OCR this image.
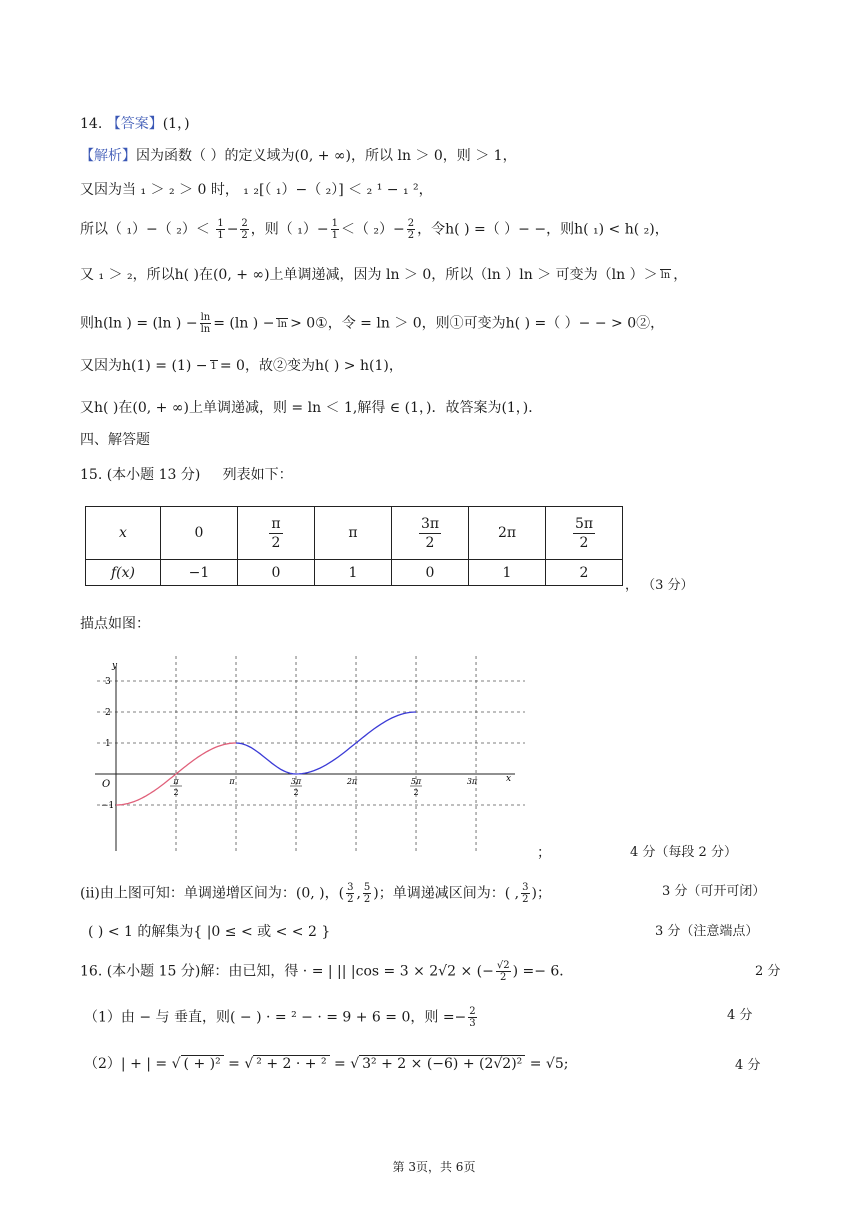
14. 【答案】(1，)
【解析】因为函数（ ）的定义域为(0, + ∞)，所以 ln ＞ 0，则 ＞ 1，
又因为当 ₁ ＞ ₂ ＞ 0 时， ₁ ₂[（ ₁）−（ ₂）] ＜ ₂ ¹ − ₁ ²，
所以（ ₁）−（ $_2)< \frac{1}{1} - \frac{2}{2}$ ，则（ $_1)- \frac{1}{1}$ ＜（ $_2)- \frac{2}{2}$ ，令h( ) =（ ）− −，则h( ₁) < h( ₂)，
又 ₁ ＞ ₂，所以h( )在(0, + ∞)上单调递减，因为 ln ＞ 0，所以（ln ）ln ＞ 可变为（ln ）＞ ln ，
则h(ln ) = (ln ) − $\frac{\ln}{\ln} = (\ln$ ) − ln > 0①，令 = ln ＞ 0，则①可变为h( ) =（ ）− − > 0②，
又因为h(1) = (1) − 1 = 0，故②变为h( ) > h(1)，
又h( )在(0, + ∞)上单调递减，则 = ln ＜ 1,解得 ∈ (1，)．故答案为(1，)．
四、解答题
15. (本小题 13 分) 列表如下：
x	0	$\frac{\pi}{2}$	π	$\frac{3\pi}{2}$	2π	$\frac{5\pi}{2}$

f(x)	−1	0	1	0	1	2
， （3 分）
描点如图：
y
x
O
3
2
1
−1
π
2
π	3π
2
2π	5π
2
3π
；	4 分（每段 2 分）
(ii)由上图可知：单调递增区间为：(0, )，( $\frac{3}{2}$ , $\frac{5}{2}$ )；单调递减区间为：( , $\frac{3}{2}$ )；	3 分（可开可闭）
( ) < 1 的解集为{ |0 ≤ < 或 < < 2 }	3 分（注意端点）
16. (本小题 15 分)解：由已知，得 · = | || |cos = 3 × 2√2 × (− $\frac{√2}{2}$ ) =− 6．	2 分
（1）由 − 与 垂直，则( − ) · = ² − · = 9 + 6 = 0，则 =− $\frac{2}{3}$	4 分
（2）| + | = √ ( + )² = √ ² + 2 · + ² = √ 3² + 2 × (−6) + (2√2)² = √5;	4 分
第 3页，共 6页
